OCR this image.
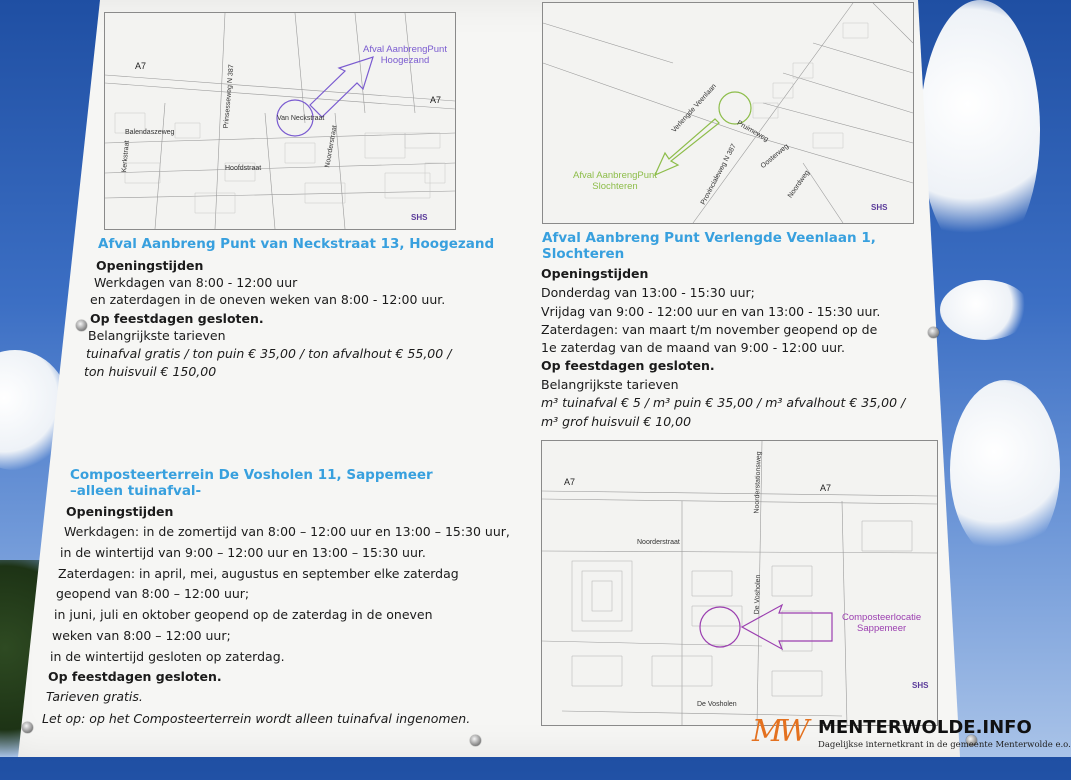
A7
A7
Prinsesseweg N 387
Balendaszeweg
Van Neckstraat
Kerkstraat	Noorderstraat
Hoofdstraat
Afval AanbrengPunt
Hoogezand
SHS
Verlengde Veenlaan	Pruimeweg
Provincialeweg N 387	Noordweg
Oosterweg
Afval AanbrengPunt
Slochteren
SHS
A7
A7
Noorderstraat
Noorderstationsweg
De Vosholen
De Vosholen
Composteerlocatie
Sappemeer
SHS
Afval Aanbreng Punt van Neckstraat 13, Hoogezand
Openingstijden
Werkdagen van 8:00 - 12:00 uur
en zaterdagen in de oneven weken van 8:00 - 12:00 uur.
Op feestdagen gesloten.
Belangrijkste tarieven
tuinafval gratis / ton puin € 35,00 / ton afvalhout € 55,00 /
ton huisvuil € 150,00
Afval Aanbreng Punt Verlengde Veenlaan 1,
Slochteren
Openingstijden
Donderdag van 13:00 - 15:30 uur;
Vrijdag van 9:00 - 12:00 uur en van 13:00 - 15:30 uur.
Zaterdagen: van maart t/m november geopend op de
1e zaterdag van de maand van 9:00 - 12:00 uur.
Op feestdagen gesloten.
Belangrijkste tarieven
m³ tuinafval € 5 / m³ puin € 35,00 / m³ afvalhout € 35,00 /
m³ grof huisvuil € 10,00
Composteerterrein De Vosholen 11, Sappemeer
–alleen tuinafval-
Openingstijden
Werkdagen: in de zomertijd van 8:00 – 12:00 uur en 13:00 – 15:30 uur,
in de wintertijd van 9:00 – 12:00 uur en 13:00 – 15:30 uur.
Zaterdagen: in april, mei, augustus en september elke zaterdag
geopend van 8:00 – 12:00 uur;
in juni, juli en oktober geopend op de zaterdag in de oneven
weken van 8:00 – 12:00 uur;
in de wintertijd gesloten op zaterdag.
Op feestdagen gesloten.
Tarieven gratis.
Let op: op het Composteerterrein wordt alleen tuinafval ingenomen.	MW MENTERWOLDE.INFO
Dagelijkse internetkrant in de gemeente Menterwolde e.o.
